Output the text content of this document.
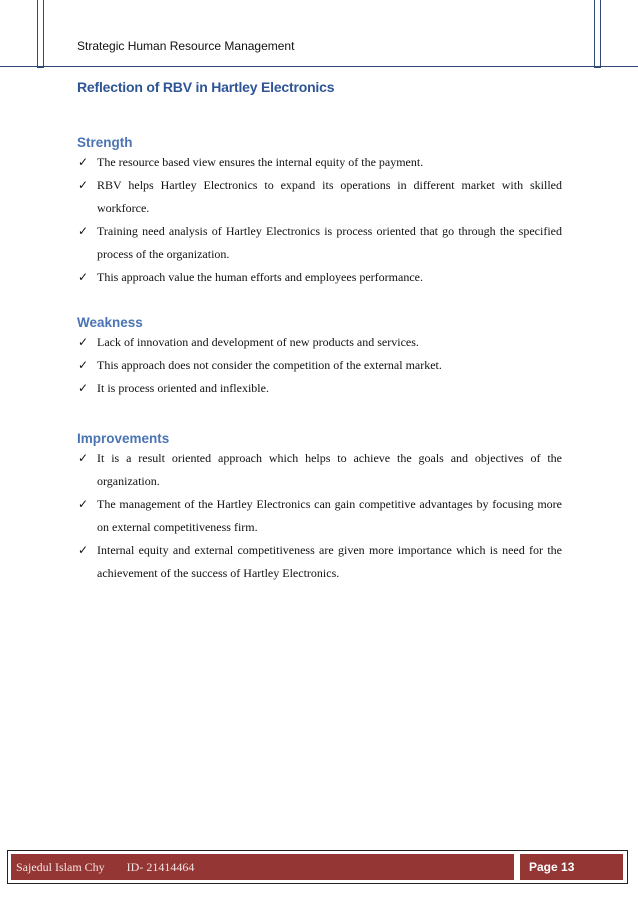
Strategic Human Resource Management
Reflection of RBV in Hartley Electronics
Strength
✓ The resource based view ensures the internal equity of the payment.
✓ RBV helps Hartley Electronics to expand its operations in different market with skilled workforce.
✓ Training need analysis of Hartley Electronics is process oriented that go through the specified process of the organization.
✓ This approach value the human efforts and employees performance.
Weakness
✓ Lack of innovation and development of new products and services.
✓ This approach does not consider the competition of the external market.
✓ It is process oriented and inflexible.
Improvements
✓ It is a result oriented approach which helps to achieve the goals and objectives of the organization.
✓ The management of the Hartley Electronics can gain competitive advantages by focusing more on external competitiveness firm.
✓ Internal equity and external competitiveness are given more importance which is need for the achievement of the success of Hartley Electronics.
Sajedul Islam Chy ID- 21414464	Page 13
